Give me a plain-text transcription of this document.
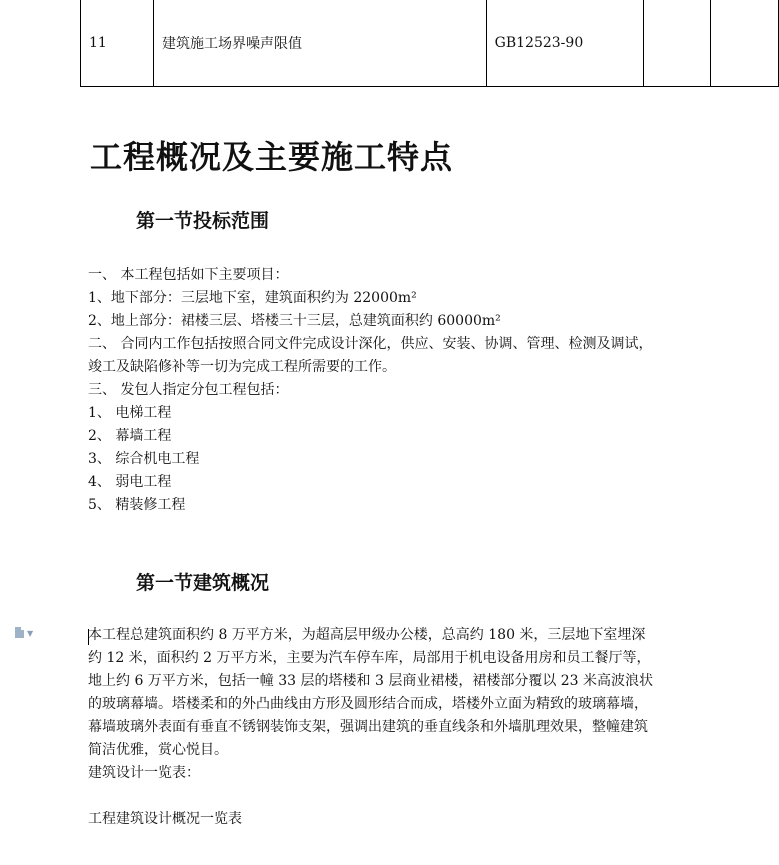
11	建筑施工场界噪声限值	GB12523-90		
工程概况及主要施工特点
第一节投标范围
一、 本工程包括如下主要项目：
1、地下部分：三层地下室，建筑面积约为 22000m²
2、地上部分：裙楼三层、塔楼三十三层，总建筑面积约 60000m²
二、 合同内工作包括按照合同文件完成设计深化，供应、安装、协调、管理、检测及调试，
竣工及缺陷修补等一切为完成工程所需要的工作。
三、 发包人指定分包工程包括：
1、 电梯工程
2、 幕墙工程
3、 综合机电工程
4、 弱电工程
5、 精装修工程
第一节建筑概况
▼	本工程总建筑面积约 8 万平方米，为超高层甲级办公楼，总高约 180 米，三层地下室埋深
约 12 米，面积约 2 万平方米，主要为汽车停车库，局部用于机电设备用房和员工餐厅等，
地上约 6 万平方米，包括一幢 33 层的塔楼和 3 层商业裙楼，裙楼部分覆以 23 米高波浪状
的玻璃幕墙。塔楼柔和的外凸曲线由方形及圆形结合而成，塔楼外立面为精致的玻璃幕墙，
幕墙玻璃外表面有垂直不锈钢装饰支架，强调出建筑的垂直线条和外墙肌理效果，整幢建筑
简洁优雅，赏心悦目。
建筑设计一览表：
工程建筑设计概况一览表
